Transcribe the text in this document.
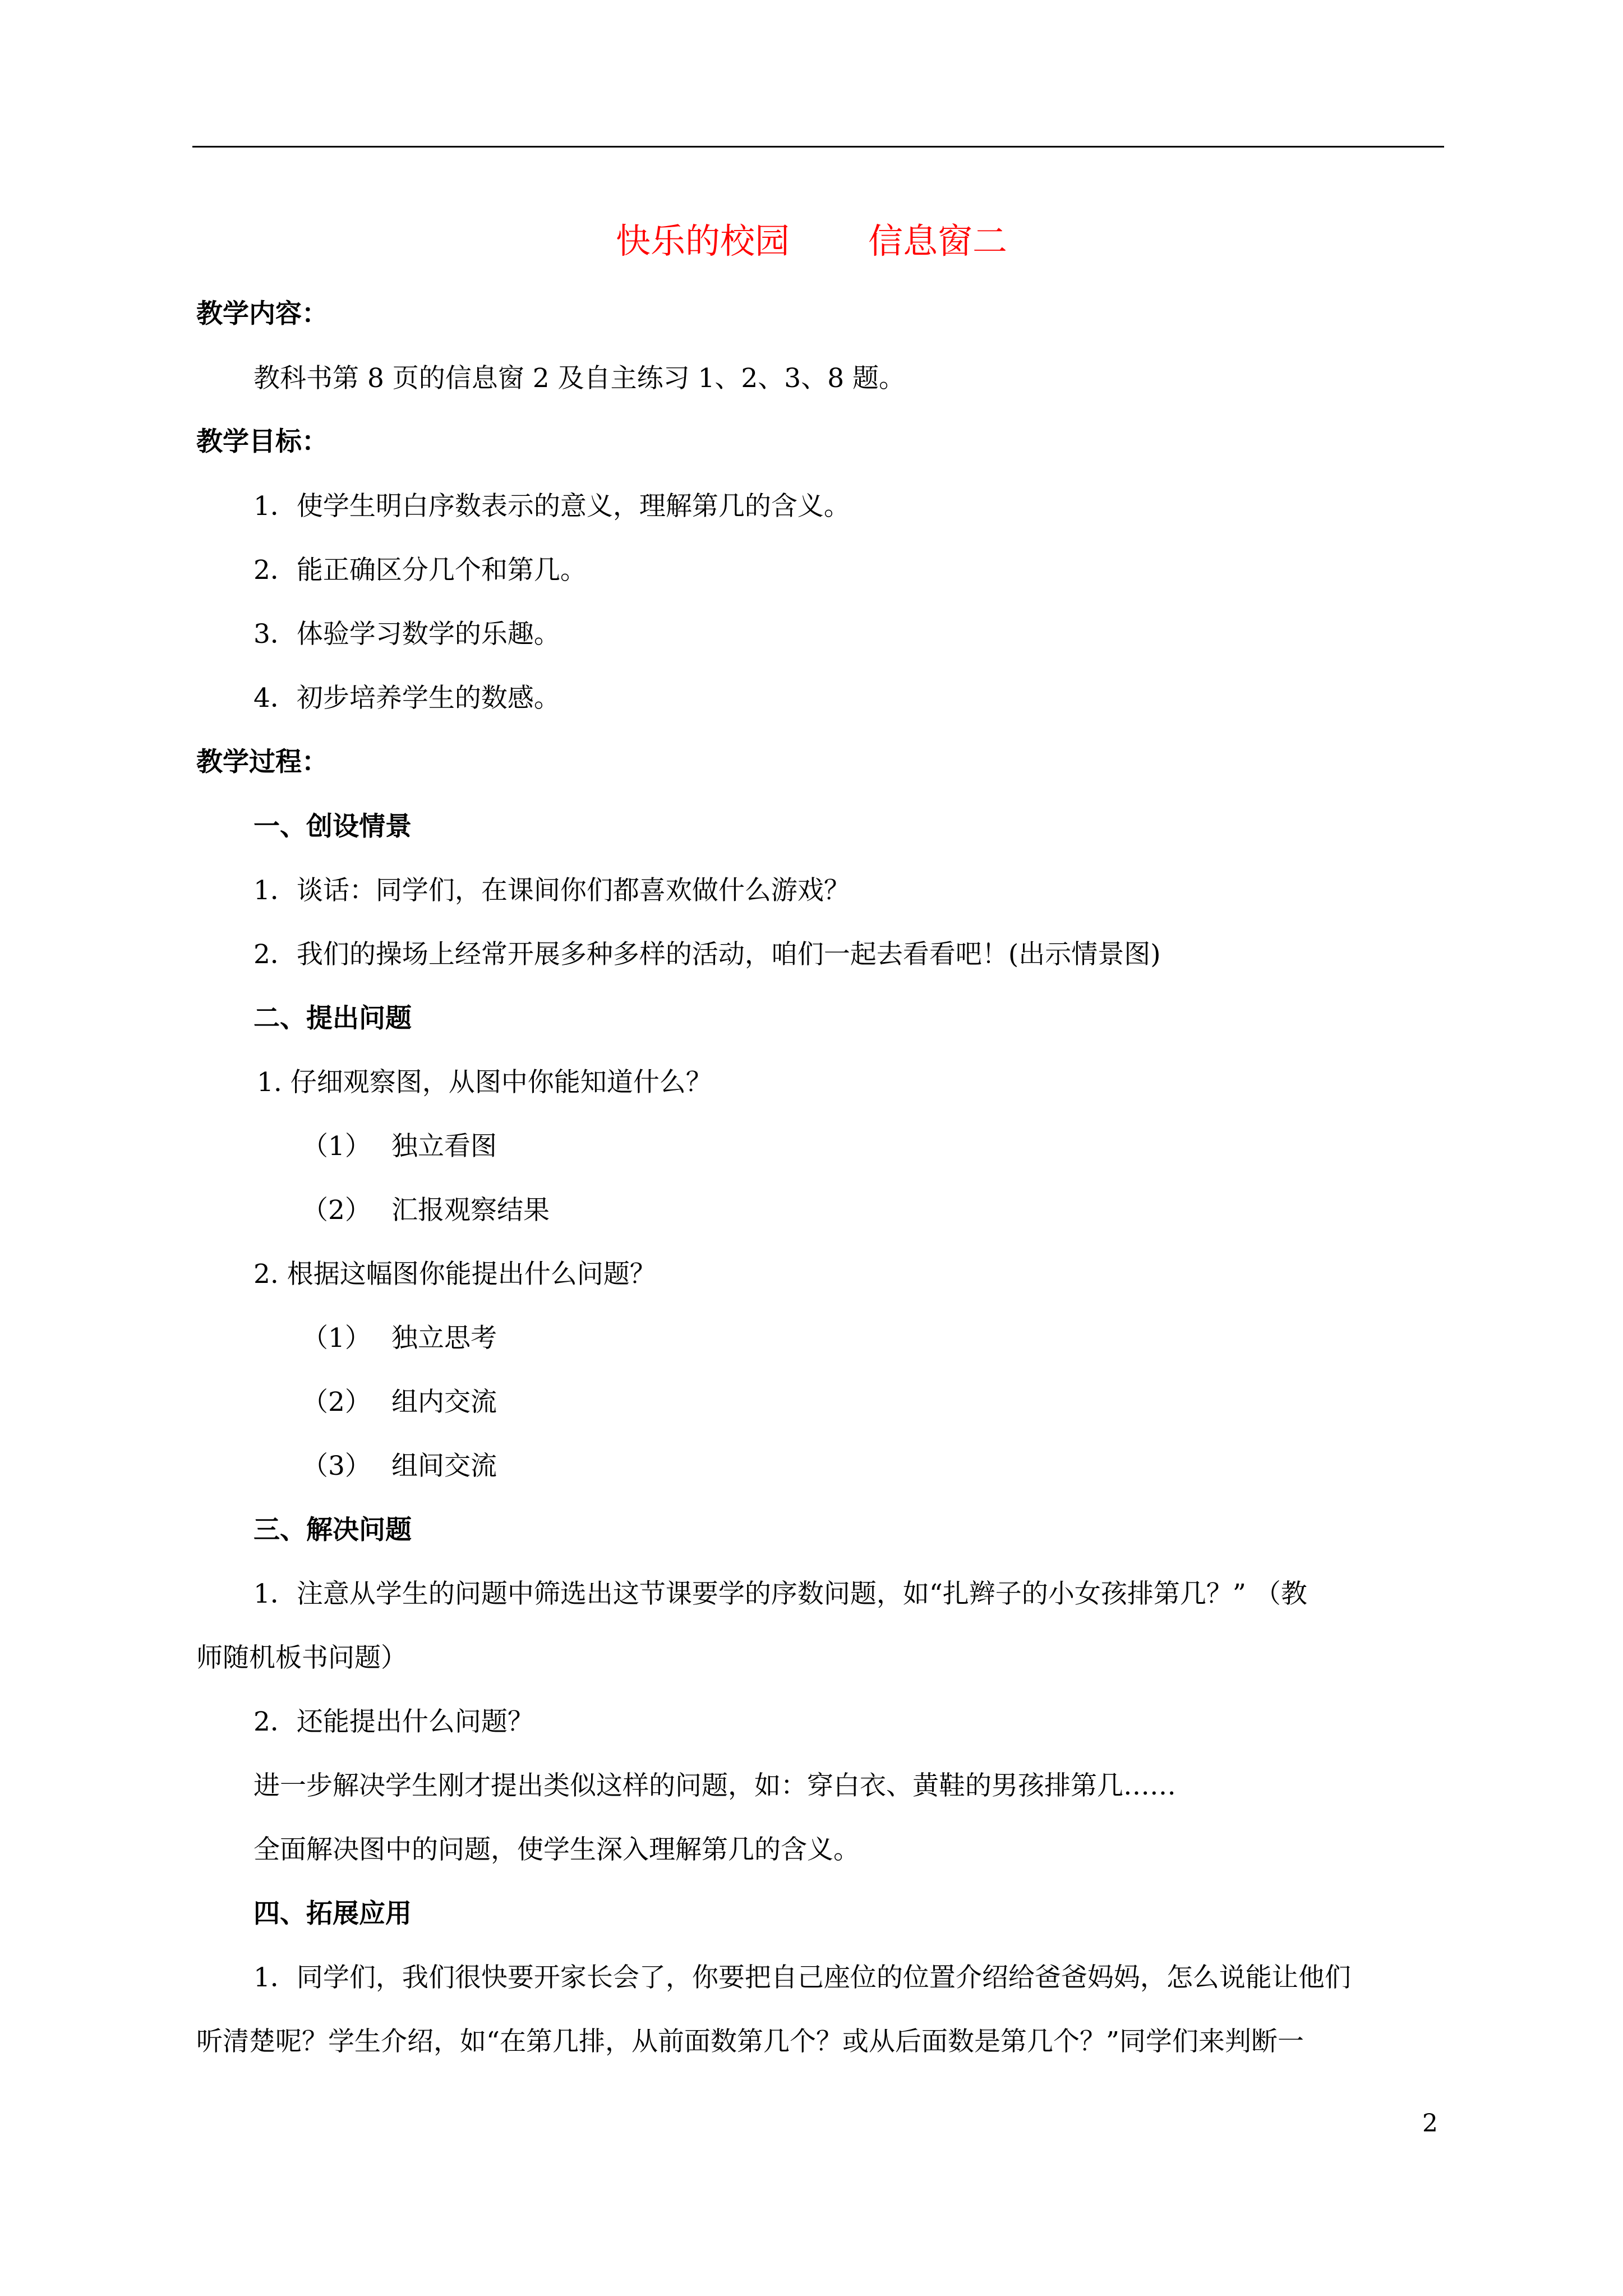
快乐的校园 信息窗二
教学内容：
教科书第 8 页的信息窗 2 及自主练习 1、2、3、8 题。
教学目标：
1．使学生明白序数表示的意义，理解第几的含义。
2．能正确区分几个和第几。
3．体验学习数学的乐趣。
4．初步培养学生的数感。
教学过程：
一、创设情景
1．谈话：同学们，在课间你们都喜欢做什么游戏？
2．我们的操场上经常开展多种多样的活动，咱们一起去看看吧！(出示情景图)
二、提出问题
1. 仔细观察图，从图中你能知道什么？
（1） 独立看图
（2） 汇报观察结果
2. 根据这幅图你能提出什么问题？
（1） 独立思考
（2） 组内交流
（3） 组间交流
三、解决问题
1．注意从学生的问题中筛选出这节课要学的序数问题，如“扎辫子的小女孩排第几？” （教
师随机板书问题）
2．还能提出什么问题？
进一步解决学生刚才提出类似这样的问题，如：穿白衣、黄鞋的男孩排第几……
全面解决图中的问题，使学生深入理解第几的含义。
四、拓展应用
1．同学们，我们很快要开家长会了，你要把自己座位的位置介绍给爸爸妈妈，怎么说能让他们
听清楚呢？学生介绍，如“在第几排，从前面数第几个？或从后面数是第几个？”同学们来判断一
2
